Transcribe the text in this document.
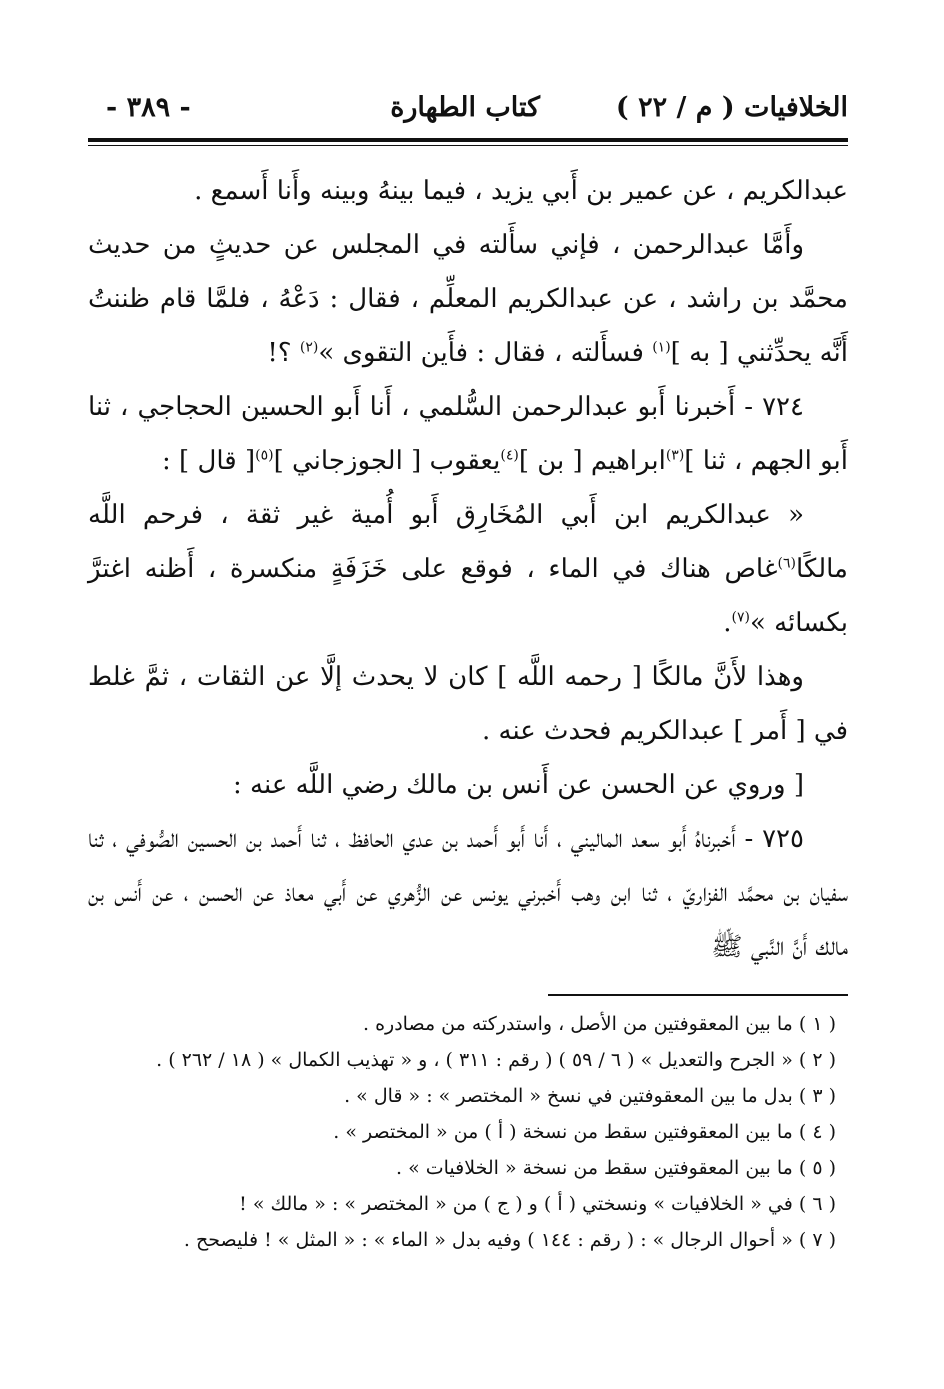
الخلافيات ( م / ٢٢ )
كتاب الطهارة
- ٣٨٩ -

عبدالكريم ، عن عمير بن أَبي يزيد ، فيما بينهُ وبينه وأَنا أَسمع .

وأَمَّا عبدالرحمن ، فإني سأَلته في المجلس عن حديثٍ من حديث محمَّد بن راشد ، عن عبدالكريم المعلِّم ، فقال : دَعْهُ ، فلمَّا قام ظننتُ أَنَّه يحدِّثني [ به ]$^{(١)}$ فسأَلته ، فقال : فأَين التقوى »$^{(٢)}$ ؟!

٧٢٤ - أَخبرنا أَبو عبدالرحمن السُّلمي ، أَنا أَبو الحسين الحجاجي ، ثنا أَبو الجهم ، ثنا ]$^{(٣)}$ابراهيم [ بن ]$^{(٤)}$يعقوب [ الجوزجاني ]$^{(٥)}$[ قال ] :

« عبدالكريم ابن أَبي المُخَارِق أَبو أُمية غير ثقة ، فرحم اللَّه مالكًا$^{(٦)}$غاص هناك في الماء ، فوقع على خَزَفَةٍ منكسرة ، أَظنه اغترَّ بكسائه »$^{(٧)}$.

وهذا لأَنَّ مالكًا [ رحمه اللَّه ] كان لا يحدث إلَّا عن الثقات ، ثمَّ غلط في [ أَمر ] عبدالكريم فحدث عنه .

[ وروي عن الحسن عن أَنس بن مالك رضي اللَّه عنه :

٧٢٥ - أَخبرناهُ أَبو سعد الماليني ، أَنا أَبو أَحمد بن عدي الحافظ ، ثنا أَحمد بن الحسين الصُّوفي ، ثنا سفيان بن محمَّد الفزاريّ ، ثنا ابن وهب أَخبرني يونس عن الزُّهري عن أَبي معاذ عن الحسن ، عن أَنس بن مالك أَنَّ النَّبي ﷺ

( ١ ) ما بين المعقوفتين من الأصل ، واستدركته من مصادره .
( ٢ ) « الجرح والتعديل » ( ٦ / ٥٩ ) ( رقم : ٣١١ ) ، و « تهذيب الكمال » ( ١٨ / ٢٦٢ ) .
( ٣ ) بدل ما بين المعقوفتين في نسخ « المختصر » : « قال » .
( ٤ ) ما بين المعقوفتين سقط من نسخة ( أ ) من « المختصر » .
( ٥ ) ما بين المعقوفتين سقط من نسخة « الخلافيات » .
( ٦ ) في « الخلافيات » ونسختي ( أ ) و ( ج ) من « المختصر » : « مالك » !
( ٧ ) « أحوال الرجال » : ( رقم : ١٤٤ ) وفيه بدل « الماء » : « المثل » ! فليصحح .
